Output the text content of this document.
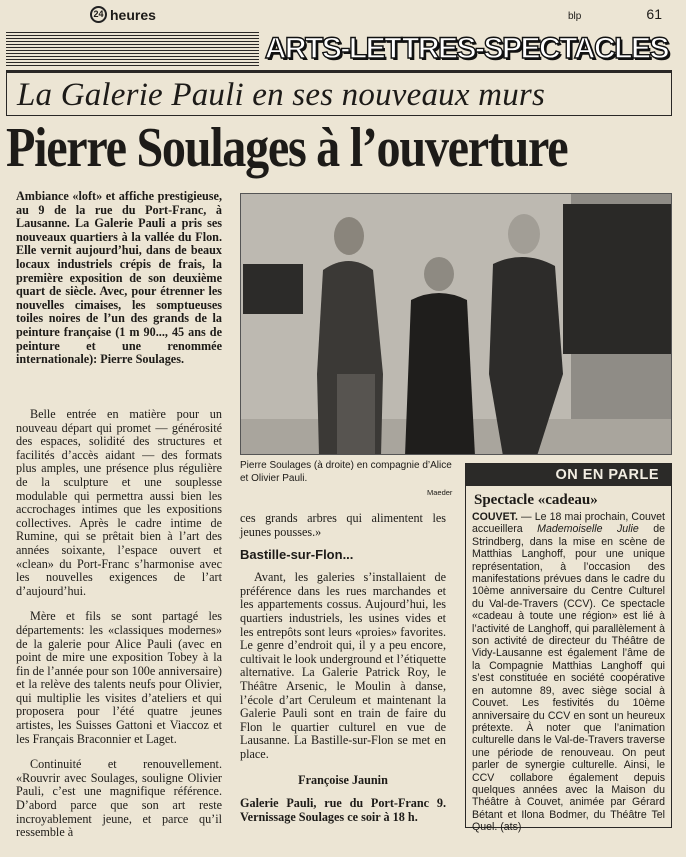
24 heures	blp	61
ARTS-LETTRES-SPECTACLES
La Galerie Pauli en ses nouveaux murs
Pierre Soulages à l’ouverture
Ambiance «loft» et affiche prestigieuse, au 9 de la rue du Port-Franc, à Lausanne. La Galerie Pauli a pris ses nouveaux quartiers à la vallée du Flon. Elle vernit aujourd’hui, dans de beaux locaux industriels crépis de frais, la première exposition de son deuxième quart de siècle. Avec, pour étrenner les nouvelles cimaises, les somptueuses toiles noires de l’un des grands de la peinture française (1 m 90..., 45 ans de peinture et une renommée internationale): Pierre Soulages.

Belle entrée en matière pour un nouveau départ qui promet — générosité des espaces, solidité des structures et facilités d’accès aidant — des formats plus amples, une présence plus régulière de la sculpture et une souplesse modulable qui permettra aussi bien les accrochages intimes que les expositions collectives. Après le cadre intime de Rumine, qui se prêtait bien à l’art des années soixante, l’espace ouvert et «clean» du Port-Franc s’harmonise avec les nouvelles exigences de l’art d’aujourd’hui.

Mère et fils se sont partagé les départements: les «classiques modernes» de la galerie pour Alice Pauli (avec en point de mire une exposition Tobey à la fin de l’année pour son 100e anniversaire) et la relève des talents neufs pour Olivier, qui multiplie les visites d’ateliers et qui proposera pour l’été quatre jeunes artistes, les Suisses Gattoni et Viaccoz et les Français Braconnier et Laget.

Continuité et renouvellement. «Rouvrir avec Soulages, souligne Olivier Pauli, c’est une magnifique référence. D’abord parce que son art reste incroyablement jeune, et parce qu’il ressemble à

Pierre Soulages (à droite) en compagnie d’Alice et Olivier Pauli.
Maeder

ces grands arbres qui alimentent les jeunes pousses.»

Bastille-sur-Flon...

Avant, les galeries s’installaient de préférence dans les rues marchandes et les appartements cossus. Aujourd’hui, les quartiers industriels, les usines vides et les entrepôts sont leurs «proies» favorites. Le genre d’endroit qui, il y a peu encore, cultivait le look underground et l’étiquette alternative. La Galerie Patrick Roy, le Théâtre Arsenic, le Moulin à danse, l’école d’art Ceruleum et maintenant la Galerie Pauli sont en train de faire du Flon le quartier culturel en vue de Lausanne. La Bastille-sur-Flon se met en place.

Françoise Jaunin
Galerie Pauli, rue du Port-Franc 9. Vernissage Soulages ce soir à 18 h.
ON EN PARLE
Spectacle «cadeau»
COUVET. — Le 18 mai prochain, Couvet accueillera Mademoiselle Julie de Strindberg, dans la mise en scène de Matthias Langhoff, pour une unique représentation, à l’occasion des manifestations prévues dans le cadre du 10ème anniversaire du Centre Culturel du Val-de-Travers (CCV). Ce spectacle «cadeau à toute une région» est lié à l’activité de Langhoff, qui parallèlement à son activité de directeur du Théâtre de Vidy-Lausanne est également l’âme de la Compagnie Matthias Langhoff qui s’est constituée en société coopérative en automne 89, avec siège social à Couvet. Les festivités du 10ème anniversaire du CCV en sont un heureux prétexte. À noter que l’animation culturelle dans le Val-de-Travers traverse une période de renouveau. On peut parler de synergie culturelle. Ainsi, le CCV collabore également depuis quelques années avec la Maison du Théâtre à Couvet, animée par Gérard Bétant et Ilona Bodmer, du Théâtre Tel Quel. (ats)
